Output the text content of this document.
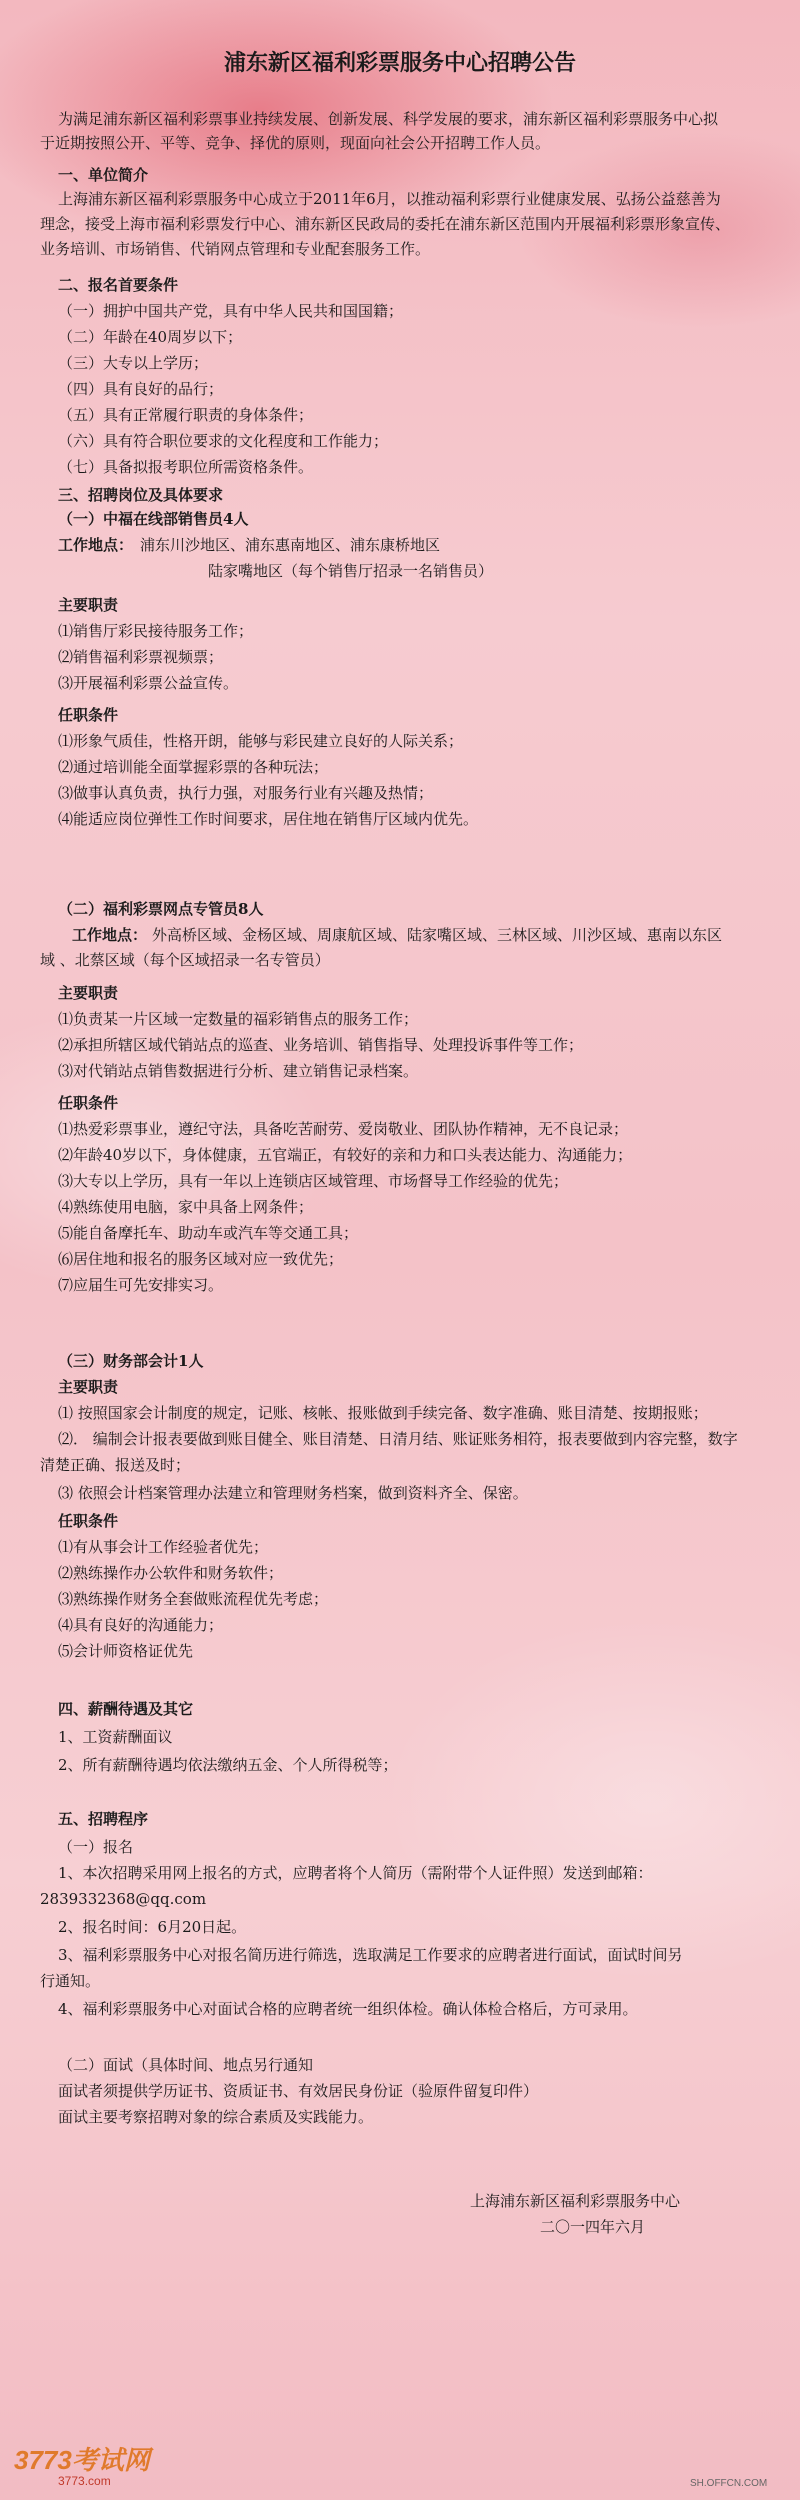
浦东新区福利彩票服务中心招聘公告
为满足浦东新区福利彩票事业持续发展、创新发展、科学发展的要求，浦东新区福利彩票服务中心拟
于近期按照公开、平等、竞争、择优的原则，现面向社会公开招聘工作人员。
一、单位简介
上海浦东新区福利彩票服务中心成立于2011年6月，以推动福利彩票行业健康发展、弘扬公益慈善为
理念，接受上海市福利彩票发行中心、浦东新区民政局的委托在浦东新区范围内开展福利彩票形象宣传、
业务培训、市场销售、代销网点管理和专业配套服务工作。
二、报名首要条件
（一）拥护中国共产党，具有中华人民共和国国籍；
（二）年龄在40周岁以下；
（三）大专以上学历；
（四）具有良好的品行；
（五）具有正常履行职责的身体条件；
（六）具有符合职位要求的文化程度和工作能力；
（七）具备拟报考职位所需资格条件。
三、招聘岗位及具体要求
（一）中福在线部销售员4人
工作地点： 浦东川沙地区、浦东惠南地区、浦东康桥地区
陆家嘴地区（每个销售厅招录一名销售员）
主要职责
⑴销售厅彩民接待服务工作；
⑵销售福利彩票视频票；
⑶开展福利彩票公益宣传。
任职条件
⑴形象气质佳，性格开朗，能够与彩民建立良好的人际关系；
⑵通过培训能全面掌握彩票的各种玩法；
⑶做事认真负责，执行力强，对服务行业有兴趣及热情；
⑷能适应岗位弹性工作时间要求，居住地在销售厅区域内优先。
（二）福利彩票网点专管员8人
工作地点： 外高桥区域、金杨区域、周康航区域、陆家嘴区域、三林区域、川沙区域、惠南以东区
域 、北蔡区域（每个区域招录一名专管员）
主要职责
⑴负责某一片区域一定数量的福彩销售点的服务工作；
⑵承担所辖区域代销站点的巡查、业务培训、销售指导、处理投诉事件等工作；
⑶对代销站点销售数据进行分析、建立销售记录档案。
任职条件
⑴热爱彩票事业，遵纪守法，具备吃苦耐劳、爱岗敬业、团队协作精神，无不良记录；
⑵年龄40岁以下，身体健康，五官端正，有较好的亲和力和口头表达能力、沟通能力；
⑶大专以上学历，具有一年以上连锁店区域管理、市场督导工作经验的优先；
⑷熟练使用电脑，家中具备上网条件；
⑸能自备摩托车、助动车或汽车等交通工具；
⑹居住地和报名的服务区域对应一致优先；
⑺应届生可先安排实习。
（三）财务部会计1人
主要职责
⑴ 按照国家会计制度的规定，记账、核帐、报账做到手续完备、数字准确、账目清楚、按期报账；
⑵． 编制会计报表要做到账目健全、账目清楚、日清月结、账证账务相符，报表要做到内容完整，数字
清楚正确、报送及时；
⑶ 依照会计档案管理办法建立和管理财务档案，做到资料齐全、保密。
任职条件
⑴有从事会计工作经验者优先；
⑵熟练操作办公软件和财务软件；
⑶熟练操作财务全套做账流程优先考虑；
⑷具有良好的沟通能力；
⑸会计师资格证优先
四、薪酬待遇及其它
1、工资薪酬面议
2、所有薪酬待遇均依法缴纳五金、个人所得税等；
五、招聘程序
（一）报名
1、本次招聘采用网上报名的方式，应聘者将个人简历（需附带个人证件照）发送到邮箱：
2839332368@qq.com
2、报名时间：6月20日起。
3、福利彩票服务中心对报名简历进行筛选，选取满足工作要求的应聘者进行面试，面试时间另
行通知。
4、福利彩票服务中心对面试合格的应聘者统一组织体检。确认体检合格后，方可录用。
（二）面试（具体时间、地点另行通知
面试者须提供学历证书、资质证书、有效居民身份证（验原件留复印件）
面试主要考察招聘对象的综合素质及实践能力。
上海浦东新区福利彩票服务中心
二〇一四年六月
3773考试网
3773.com	SH.OFFCN.COM
